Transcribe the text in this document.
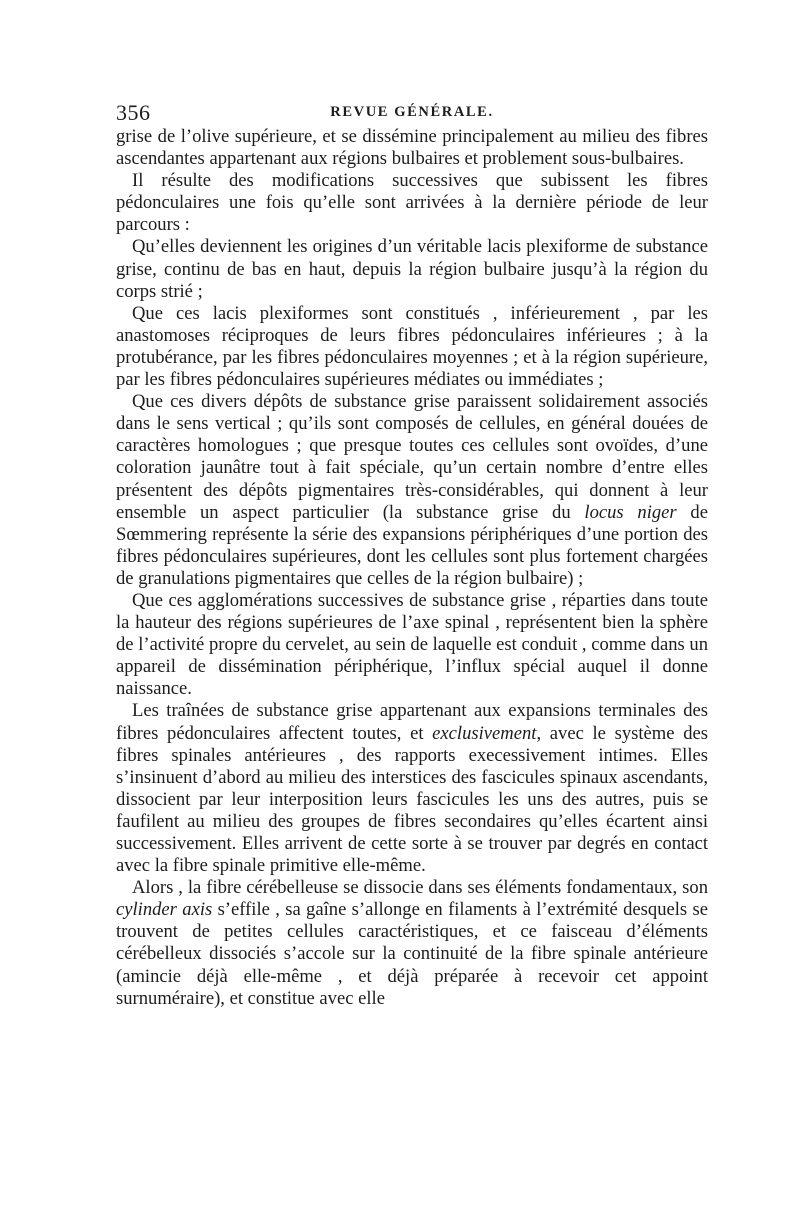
356	REVUE GÉNÉRALE.

grise de l’olive supérieure, et se dissémine principalement au milieu des fibres ascendantes appartenant aux régions bulbaires et problement sous-bulbaires.

Il résulte des modifications successives que subissent les fibres pédonculaires une fois qu’elle sont arrivées à la dernière période de leur parcours :

Qu’elles deviennent les origines d’un véritable lacis plexiforme de substance grise, continu de bas en haut, depuis la région bulbaire jusqu’à la région du corps strié ;

Que ces lacis plexiformes sont constitués , inférieurement , par les anastomoses réciproques de leurs fibres pédonculaires inférieures ; à la protubérance, par les fibres pédonculaires moyennes ; et à la région supérieure, par les fibres pédonculaires supérieures médiates ou immédiates ;

Que ces divers dépôts de substance grise paraissent solidairement associés dans le sens vertical ; qu’ils sont composés de cellules, en général douées de caractères homologues ; que presque toutes ces cellules sont ovoïdes, d’une coloration jaunâtre tout à fait spéciale, qu’un certain nombre d’entre elles présentent des dépôts pigmentaires très-considérables, qui donnent à leur ensemble un aspect particulier (la substance grise du locus niger de Sœmmering représente la série des expansions périphériques d’une portion des fibres pédonculaires supérieures, dont les cellules sont plus fortement chargées de granulations pigmentaires que celles de la région bulbaire) ;

Que ces agglomérations successives de substance grise , réparties dans toute la hauteur des régions supérieures de l’axe spinal , représentent bien la sphère de l’activité propre du cervelet, au sein de laquelle est conduit , comme dans un appareil de dissémination périphérique, l’influx spécial auquel il donne naissance.

Les traînées de substance grise appartenant aux expansions terminales des fibres pédonculaires affectent toutes, et exclusivement, avec le système des fibres spinales antérieures , des rapports execessivement intimes. Elles s’insinuent d’abord au milieu des interstices des fascicules spinaux ascendants, dissocient par leur interposition leurs fascicules les uns des autres, puis se faufilent au milieu des groupes de fibres secondaires qu’elles écartent ainsi successivement. Elles arrivent de cette sorte à se trouver par degrés en contact avec la fibre spinale primitive elle-même.

Alors , la fibre cérébelleuse se dissocie dans ses éléments fondamentaux, son cylinder axis s’effile , sa gaîne s’allonge en filaments à l’extrémité desquels se trouvent de petites cellules caractéristiques, et ce faisceau d’éléments cérébelleux dissociés s’accole sur la continuité de la fibre spinale antérieure (amincie déjà elle-même , et déjà préparée à recevoir cet appoint surnuméraire), et constitue avec elle
